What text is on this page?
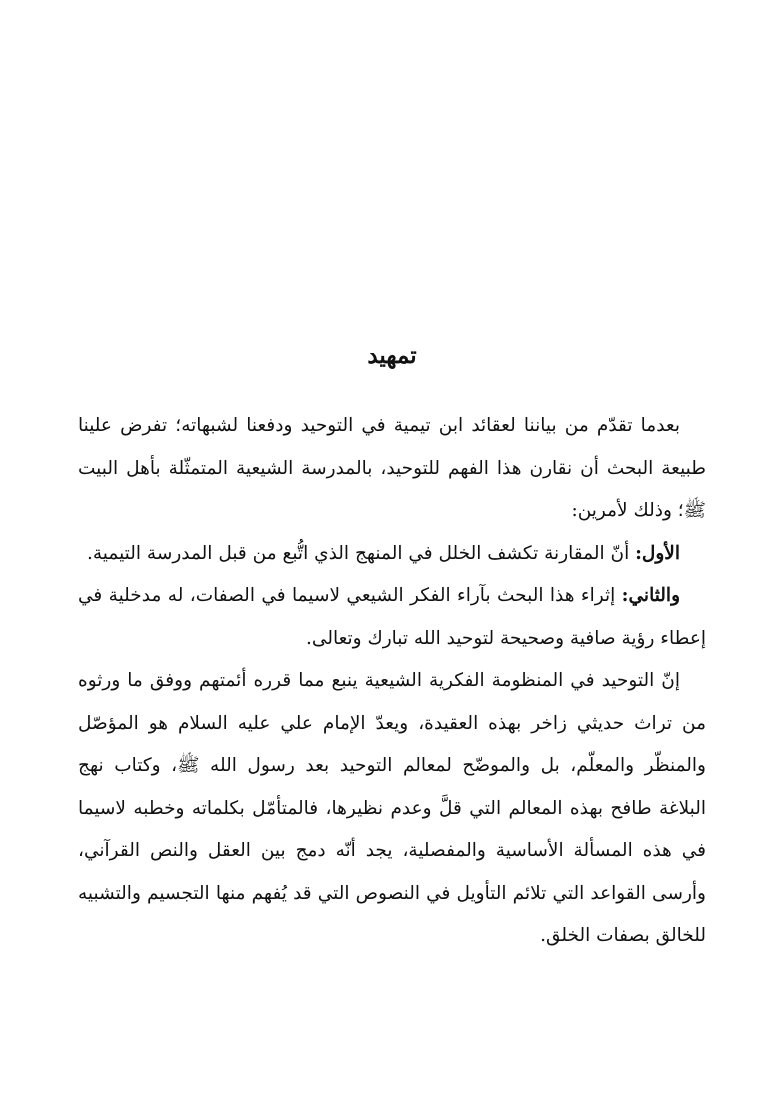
تمهيد

بعدما تقدّم من بياننا لعقائد ابن تيمية في التوحيد ودفعنا لشبهاته؛ تفرض علينا طبيعة البحث أن نقارن هذا الفهم للتوحيد، بالمدرسة الشيعية المتمثّلة بأهل البيت ﷺ؛ وذلك لأمرين:

الأول: أنّ المقارنة تكشف الخلل في المنهج الذي اتُّبع من قبل المدرسة التيمية.

والثاني: إثراء هذا البحث بآراء الفكر الشيعي لاسيما في الصفات، له مدخلية في إعطاء رؤية صافية وصحيحة لتوحيد الله تبارك وتعالى.

إنّ التوحيد في المنظومة الفكرية الشيعية ينبع مما قرره أئمتهم ووفق ما ورثوه من تراث حديثي زاخر بهذه العقيدة، ويعدّ الإمام علي عليه السلام هو المؤصّل والمنظّر والمعلّم، بل والموضّح لمعالم التوحيد بعد رسول الله ﷺ، وكتاب نهج البلاغة طافح بهذه المعالم التي قلَّ وعدم نظيرها، فالمتأمّل بكلماته وخطبه لاسيما في هذه المسألة الأساسية والمفصلية، يجد أنّه دمج بين العقل والنص القرآني، وأرسى القواعد التي تلائم التأويل في النصوص التي قد يُفهم منها التجسيم والتشبيه للخالق بصفات الخلق.
